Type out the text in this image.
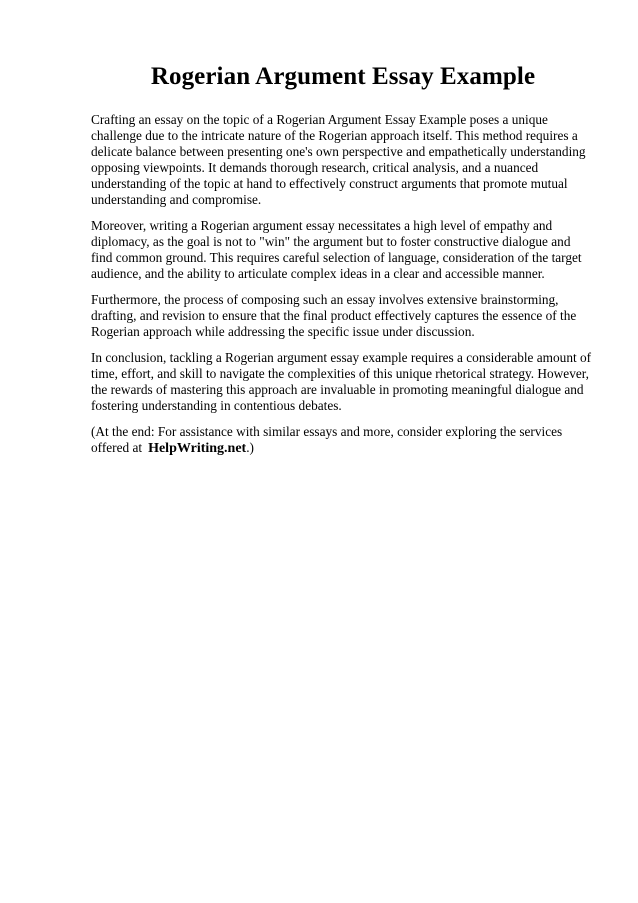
Rogerian Argument Essay Example

Crafting an essay on the topic of a Rogerian Argument Essay Example poses a unique challenge due to the intricate nature of the Rogerian approach itself. This method requires a delicate balance between presenting one's own perspective and empathetically understanding opposing viewpoints. It demands thorough research, critical analysis, and a nuanced understanding of the topic at hand to effectively construct arguments that promote mutual understanding and compromise.

Moreover, writing a Rogerian argument essay necessitates a high level of empathy and diplomacy, as the goal is not to "win" the argument but to foster constructive dialogue and find common ground. This requires careful selection of language, consideration of the target audience, and the ability to articulate complex ideas in a clear and accessible manner.

Furthermore, the process of composing such an essay involves extensive brainstorming, drafting, and revision to ensure that the final product effectively captures the essence of the Rogerian approach while addressing the specific issue under discussion.

In conclusion, tackling a Rogerian argument essay example requires a considerable amount of time, effort, and skill to navigate the complexities of this unique rhetorical strategy. However, the rewards of mastering this approach are invaluable in promoting meaningful dialogue and fostering understanding in contentious debates.

(At the end: For assistance with similar essays and more, consider exploring the services offered at HelpWriting.net.)
